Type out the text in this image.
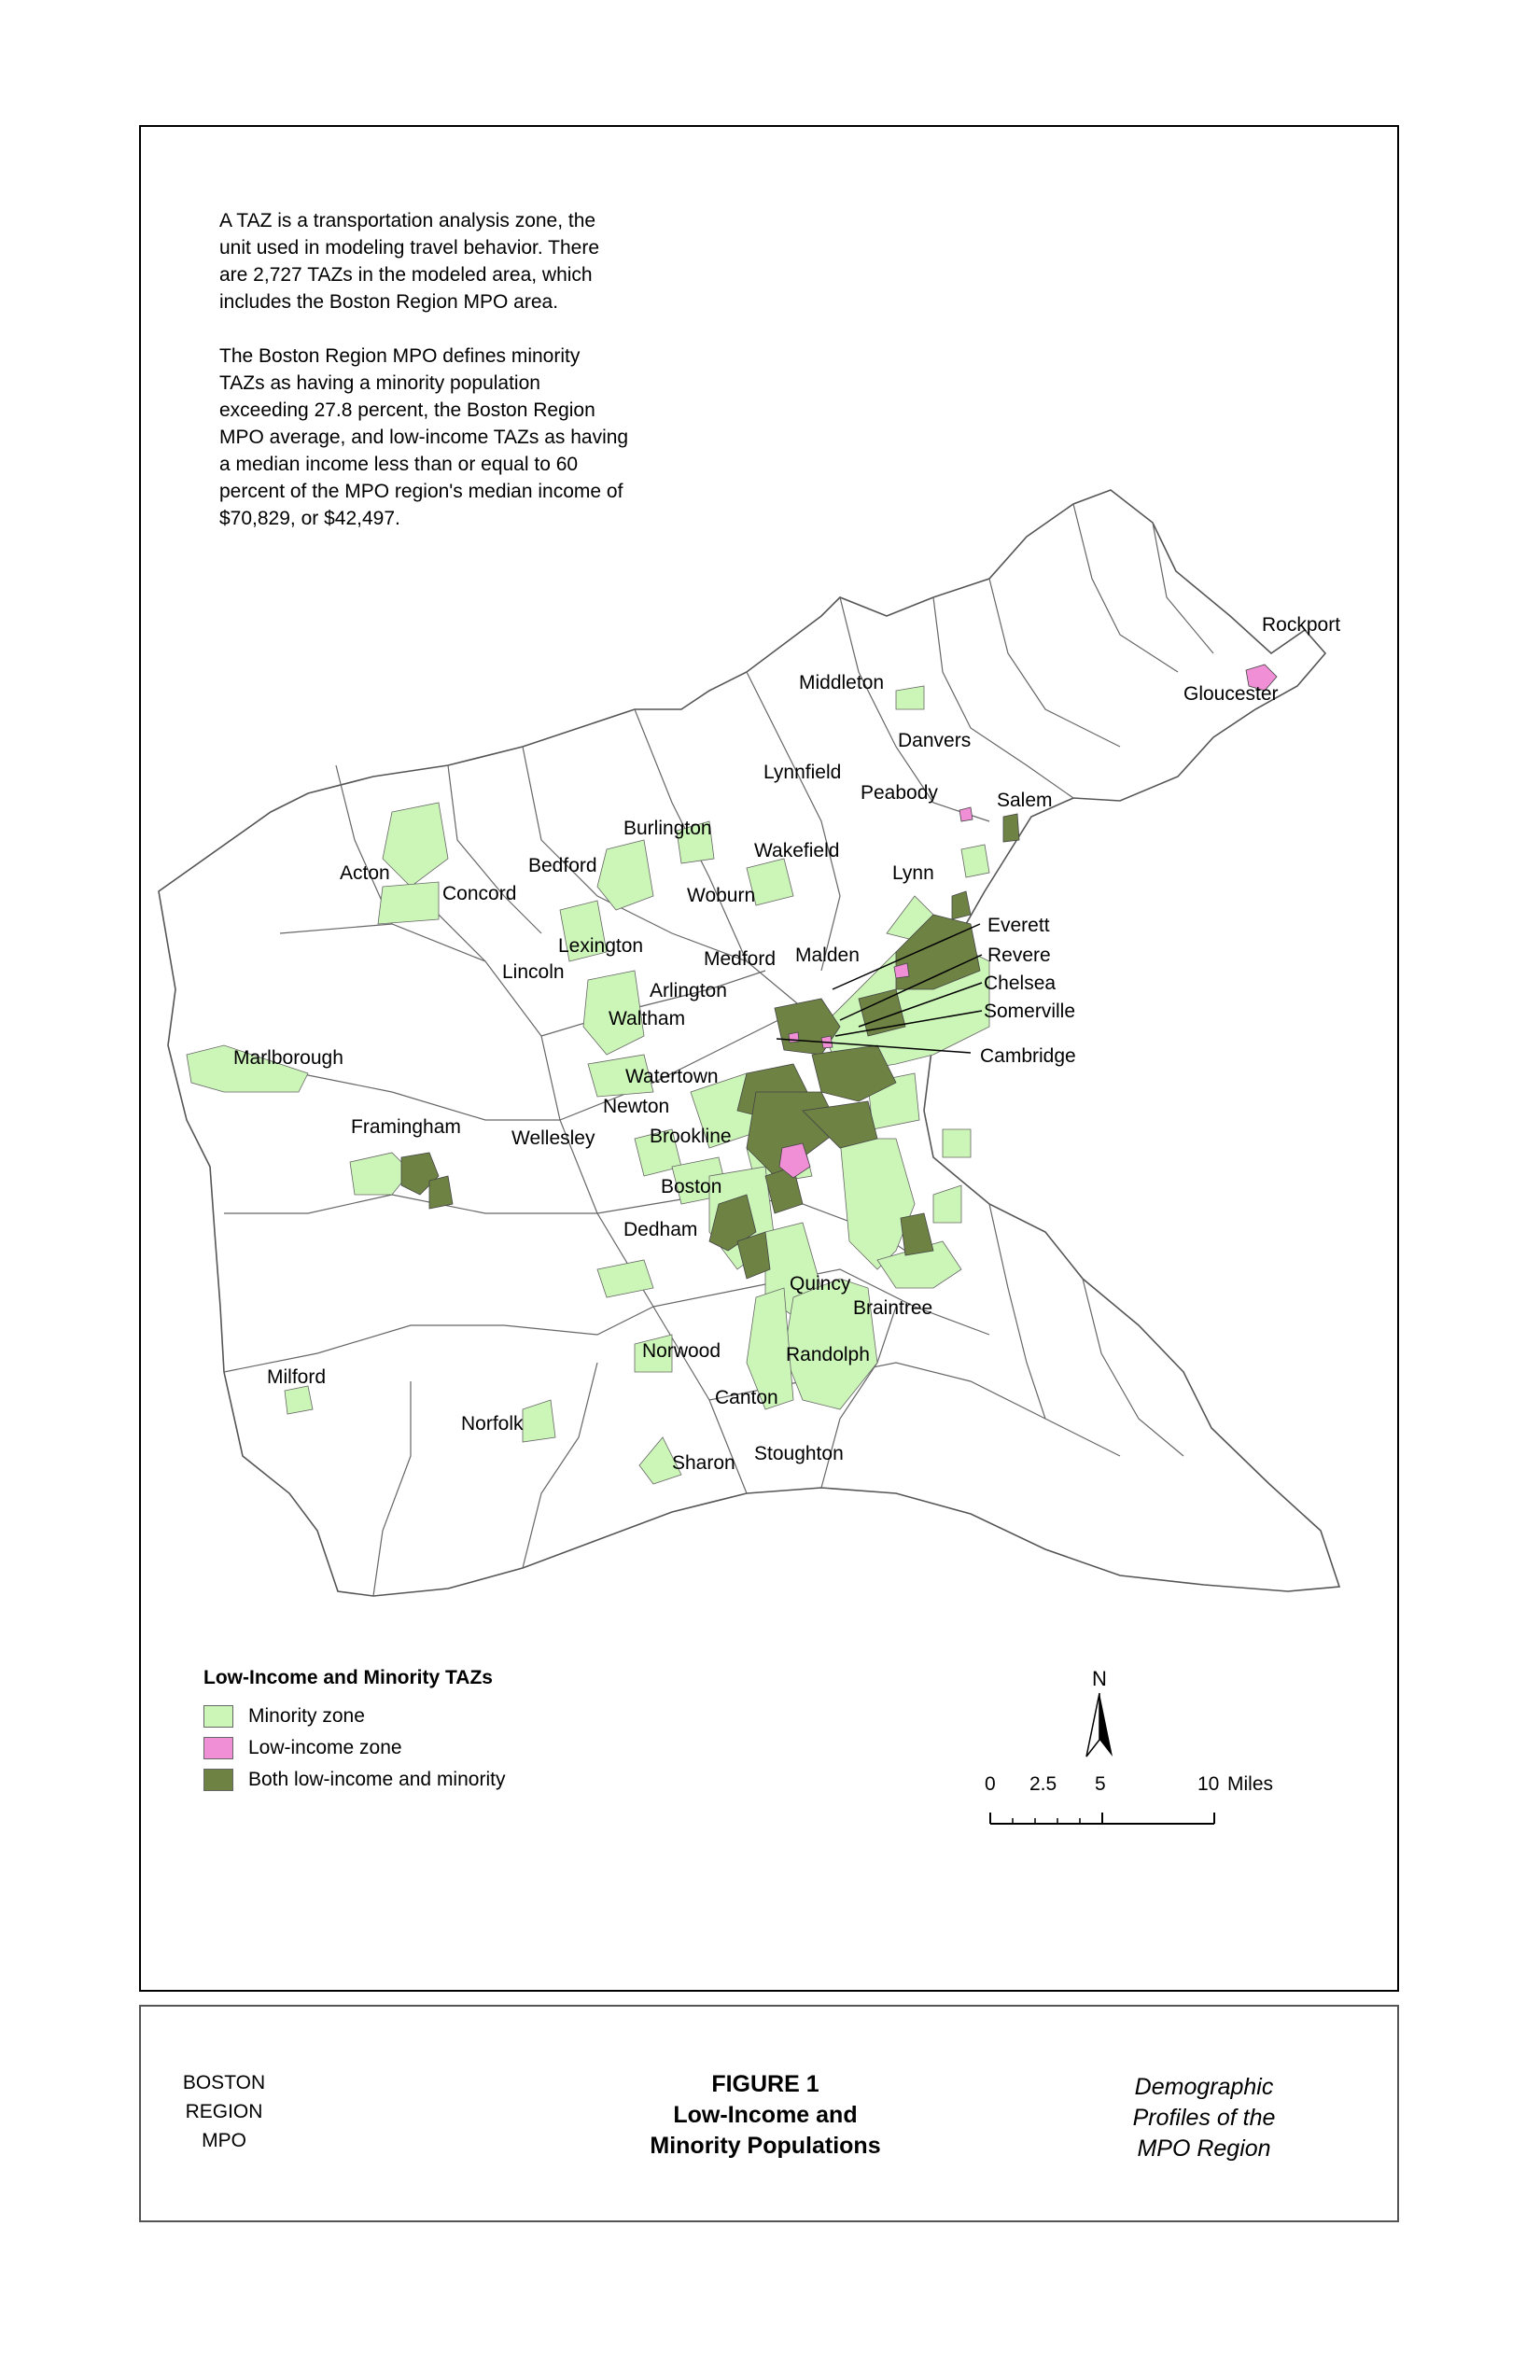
A TAZ is a transportation analysis zone, the unit used in modeling travel behavior. There are 2,727 TAZs in the modeled area, which includes the Boston Region MPO area.

The Boston Region MPO defines minority TAZs as having a minority population exceeding 27.8 percent, the Boston Region MPO average, and low-income TAZs as having a median income less than or equal to 60 percent of the MPO region's median income of $70,829, or $42,497.

Rockport
Gloucester
Middleton
Danvers
Lynnfield
Peabody	Salem
Burlington
Wakefield
Lynn
Bedford
Acton
Concord	Woburn
Lexington
Medford Malden
Everett
Revere
Chelsea
Somerville
Cambridge
Lincoln
Arlington
Waltham
Marlborough
Watertown
Newton
Framingham
Wellesley	Brookline
Boston
Dedham
Quincy
Braintree
Norwood	Randolph
Milford
Canton
Norfolk
Sharon Stoughton
Low-Income and Minority TAZs
Minority zone
Low-income zone
Both low-income and minority
N
0 2.5 5	10 Miles
BOSTON
REGION
MPO
FIGURE 1
Low-Income and
Minority Populations
Demographic
Profiles of the
MPO Region
